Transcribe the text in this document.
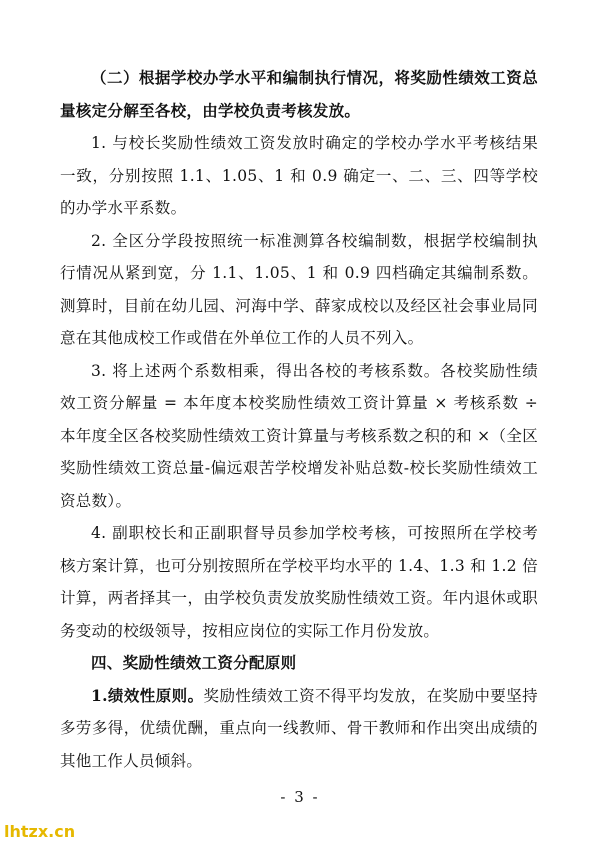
（二）根据学校办学水平和编制执行情况，将奖励性绩效工资总量核定分解至各校，由学校负责考核发放。

1. 与校长奖励性绩效工资发放时确定的学校办学水平考核结果一致，分别按照 1.1、1.05、1 和 0.9 确定一、二、三、四等学校的办学水平系数。

2. 全区分学段按照统一标准测算各校编制数，根据学校编制执行情况从紧到宽，分 1.1、1.05、1 和 0.9 四档确定其编制系数。测算时，目前在幼儿园、河海中学、薛家成校以及经区社会事业局同意在其他成校工作或借在外单位工作的人员不列入。

3. 将上述两个系数相乘，得出各校的考核系数。各校奖励性绩效工资分解量 = 本年度本校奖励性绩效工资计算量 × 考核系数 ÷ 本年度全区各校奖励性绩效工资计算量与考核系数之积的和 ×（全区奖励性绩效工资总量-偏远艰苦学校增发补贴总数-校长奖励性绩效工资总数）。

4. 副职校长和正副职督导员参加学校考核，可按照所在学校考核方案计算，也可分别按照所在学校平均水平的 1.4、1.3 和 1.2 倍计算，两者择其一，由学校负责发放奖励性绩效工资。年内退休或职务变动的校级领导，按相应岗位的实际工作月份发放。

四、奖励性绩效工资分配原则

1.绩效性原则。奖励性绩效工资不得平均发放，在奖励中要坚持多劳多得，优绩优酬，重点向一线教师、骨干教师和作出突出成绩的其他工作人员倾斜。

- 3 -
lhtzx.cn
